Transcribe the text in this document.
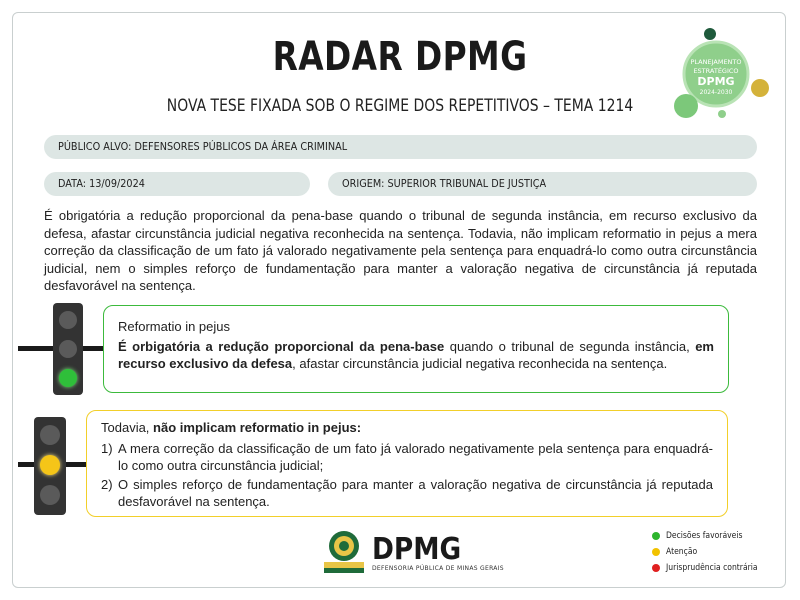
PLANEJAMENTO
ESTRATÉGICO
DPMG
2024-2030
RADAR DPMG
NOVA TESE FIXADA SOB O REGIME DOS REPETITIVOS – TEMA 1214
PÚBLICO ALVO: DEFENSORES PÚBLICOS DA ÁREA CRIMINAL
DATA: 13/09/2024	ORIGEM: SUPERIOR TRIBUNAL DE JUSTIÇA
É obrigatória a redução proporcional da pena-base quando o tribunal de segunda instância, em recurso exclusivo da defesa, afastar circunstância judicial negativa reconhecida na sentença. Todavia, não implicam reformatio in pejus a mera correção da classificação de um fato já valorado negativamente pela sentença para enquadrá-lo como outra circunstância judicial, nem o simples reforço de fundamentação para manter a valoração negativa de circunstância já reputada desfavorável na sentença.

Reformatio in pejus

É orbigatória a redução proporcional da pena-base quando o tribunal de segunda instância, em recurso exclusivo da defesa, afastar circunstância judicial negativa reconhecida na sentença.

Todavia, não implicam reformatio in pejus:

1) A mera correção da classificação de um fato já valorado negativamente pela sentença para enquadrá-lo como outra circunstância judicial;
2) O simples reforço de fundamentação para manter a valoração negativa de circunstância já reputada desfavorável na sentença.
DPMG
DEFENSORIA PÚBLICA DE MINAS GERAIS
Decisões favoráveis
Atenção
Jurisprudência contrária
